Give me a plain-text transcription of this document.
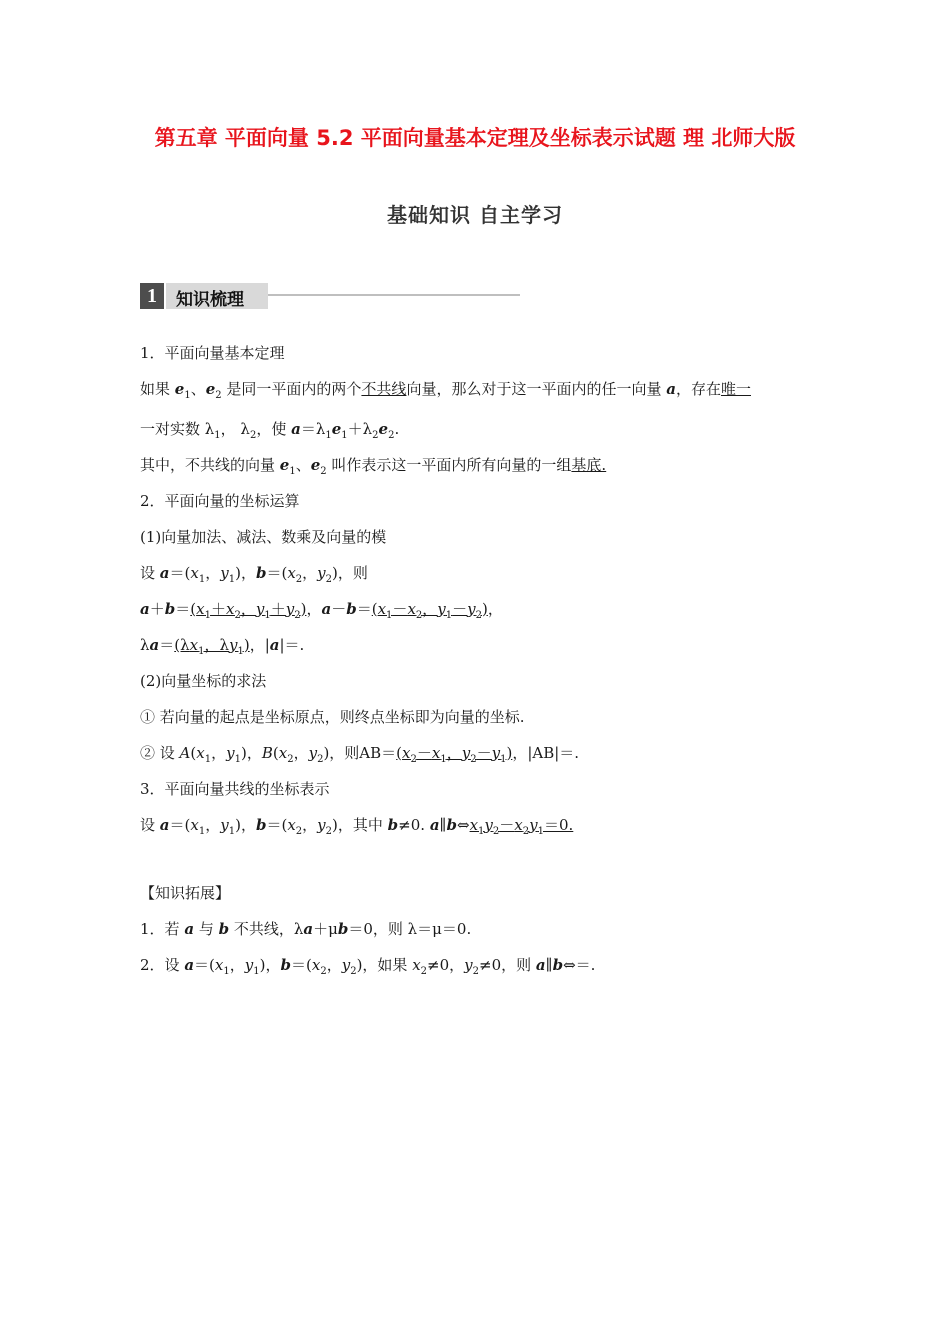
第五章 平面向量 5.2 平面向量基本定理及坐标表示试题 理 北师大版
基础知识 自主学习
1	知识梳理
1．平面向量基本定理
如果 $e_1$、$e_2$ 是同一平面内的两个不共线向量，那么对于这一平面内的任一向量 a，存在唯一
一对实数 $\lambda_1$， $\lambda_2$，使 $a=\lambda_1e_1+\lambda_2e_2$.
其中，不共线的向量 $e_1$、$e_2$ 叫作表示这一平面内所有向量的一组基底.
2．平面向量的坐标运算
(1)向量加法、减法、数乘及向量的模
设 $a=(x_1$，$y_1$)，$b=(x_2$，$y_2$)，则
$a+b=(x_1+x_2$，$y_1+y_2$)，$a-b=(x_1-x_2$，$y_1-y_2$)，
$\lambda a=(\lambda x_1$，$\lambda y_1$)，|a|＝.
(2)向量坐标的求法
① 若向量的起点是坐标原点，则终点坐标即为向量的坐标.
② 设 $A(x_1$，$y_1$)，$B(x_2$，$y_2$)，则$AB=(x_2-x_1$，$y_2-y_1$)，|AB|＝.
3．平面向量共线的坐标表示
设 $a=(x_1$，$y_1$)，$b=(x_2$，$y_2$)，其中 b≠0. $a\parallel b\Leftrightarrow x_1y_2-x_2y_1=0$.
【知识拓展】
1．若 a 与 b 不共线，λa＋μb＝0，则 λ＝μ＝0.
2．设 $a=(x_1$，$y_1$)，$b=(x_2$，$y_2$)，如果 $x_2\ne 0$，$y_2\ne 0$，则 a∥b⇔＝.
